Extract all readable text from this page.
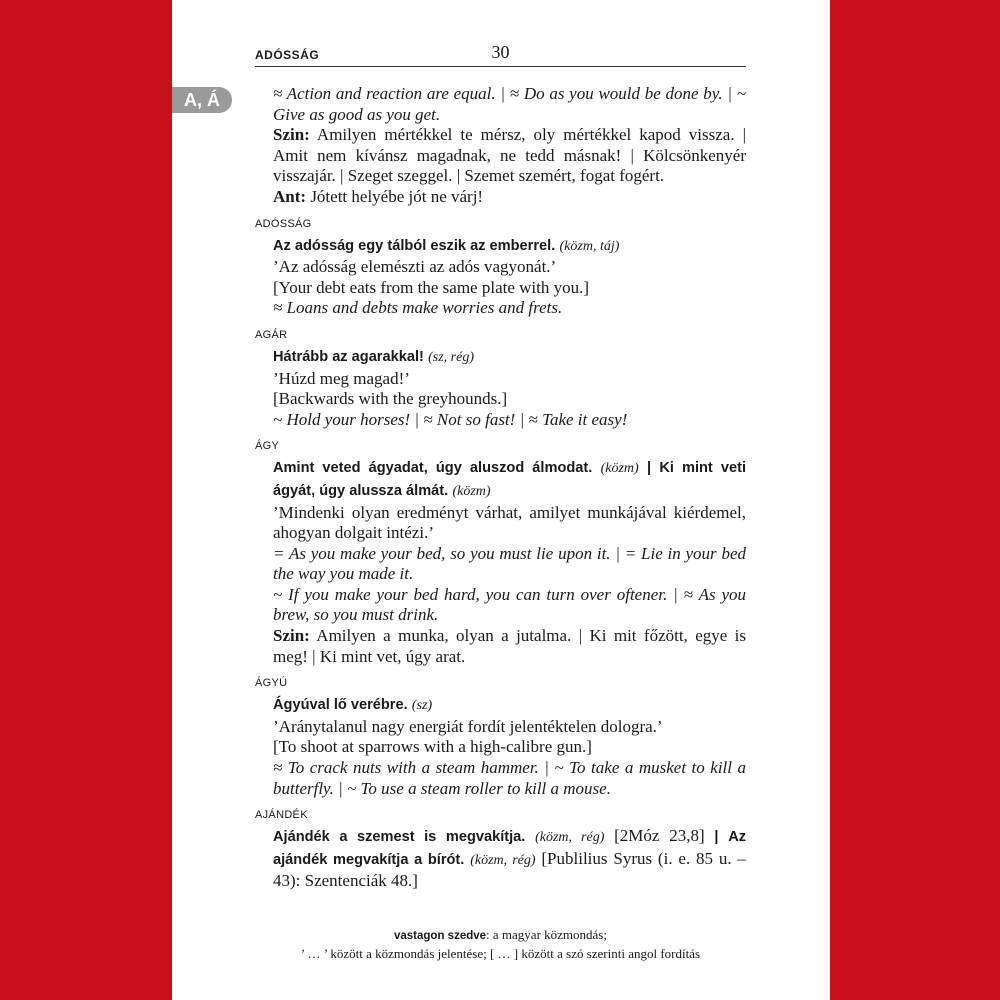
A, Á
ADÓSSÁG	30

≈ Action and reaction are equal. | ≈ Do as you would be done by. | ~ Give as good as you get.

Szin: Amilyen mértékkel te mérsz, oly mértékkel kapod vissza. | Amit nem kívánsz magadnak, ne tedd másnak! | Kölcsönkenyér visszajár. | Szeget szeggel. | Szemet szemért, fogat fogért.

Ant: Jótett helyébe jót ne várj!

ADÓSSÁG

Az adósság egy tálból eszik az emberrel. (közm, táj)

’Az adósság elemészti az adós vagyonát.’

[Your debt eats from the same plate with you.]

≈ Loans and debts make worries and frets.

AGÁR

Hátrább az agarakkal! (sz, rég)

’Húzd meg magad!’

[Backwards with the greyhounds.]

~ Hold your horses! | ≈ Not so fast! | ≈ Take it easy!

ÁGY

Amint veted ágyadat, úgy aluszod álmodat. (közm) | Ki mint veti ágyát, úgy alussza álmát. (közm)

’Mindenki olyan eredményt várhat, amilyet munkájával kiérdemel, ahogyan dolgait intézi.’

= As you make your bed, so you must lie upon it. | = Lie in your bed the way you made it.

~ If you make your bed hard, you can turn over oftener. | ≈ As you brew, so you must drink.

Szin: Amilyen a munka, olyan a jutalma. | Ki mit főzött, egye is meg! | Ki mint vet, úgy arat.

ÁGYÚ

Ágyúval lő verébre. (sz)

’Aránytalanul nagy energiát fordít jelentéktelen dologra.’

[To shoot at sparrows with a high-calibre gun.]

≈ To crack nuts with a steam hammer. | ~ To take a musket to kill a butterfly. | ~ To use a steam roller to kill a mouse.

AJÁNDÉK

Ajándék a szemest is megvakítja. (közm, rég) [2Móz 23,8] | Az ajándék megvakítja a bírót. (közm, rég) [Publilius Syrus (i. e. 85 u. – 43): Szentenciák 48.]

vastagon szedve: a magyar közmondás;
’ … ’ között a közmondás jelentése; [ … ] között a szó szerinti angol fordítás
